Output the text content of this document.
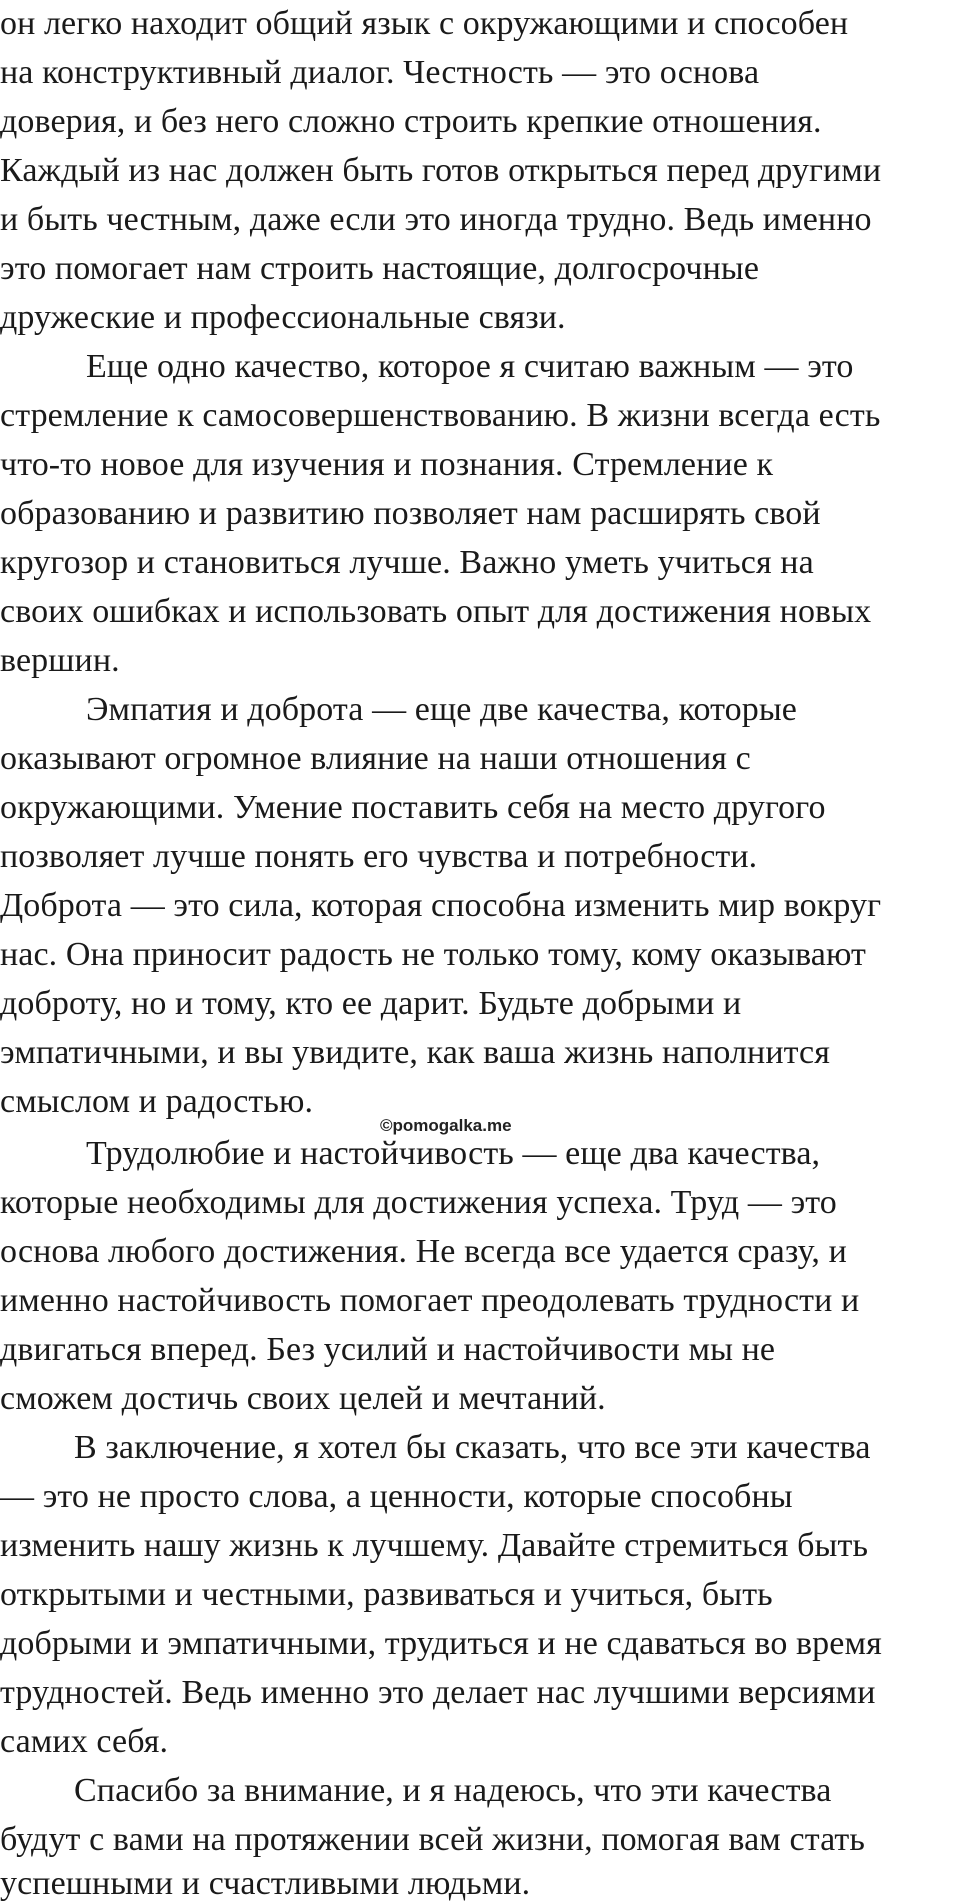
он легко находит общий язык с окружающими и способен
на конструктивный диалог. Честность — это основа
доверия, и без него сложно строить крепкие отношения.
Каждый из нас должен быть готов открыться перед другими
и быть честным, даже если это иногда трудно. Ведь именно
это помогает нам строить настоящие, долгосрочные
дружеские и профессиональные связи.
Еще одно качество, которое я считаю важным — это
стремление к самосовершенствованию. В жизни всегда есть
что-то новое для изучения и познания. Стремление к
образованию и развитию позволяет нам расширять свой
кругозор и становиться лучше. Важно уметь учиться на
своих ошибках и использовать опыт для достижения новых
вершин.
Эмпатия и доброта — еще две качества, которые
оказывают огромное влияние на наши отношения с
окружающими. Умение поставить себя на место другого
позволяет лучше понять его чувства и потребности.
Доброта — это сила, которая способна изменить мир вокруг
нас. Она приносит радость не только тому, кому оказывают
доброту, но и тому, кто ее дарит. Будьте добрыми и
эмпатичными, и вы увидите, как ваша жизнь наполнится
смыслом и радостью.
©pomogalka.me
Трудолюбие и настойчивость — еще два качества,
которые необходимы для достижения успеха. Труд — это
основа любого достижения. Не всегда все удается сразу, и
именно настойчивость помогает преодолевать трудности и
двигаться вперед. Без усилий и настойчивости мы не
сможем достичь своих целей и мечтаний.
В заключение, я хотел бы сказать, что все эти качества
— это не просто слова, а ценности, которые способны
изменить нашу жизнь к лучшему. Давайте стремиться быть
открытыми и честными, развиваться и учиться, быть
добрыми и эмпатичными, трудиться и не сдаваться во время
трудностей. Ведь именно это делает нас лучшими версиями
самих себя.
Спасибо за внимание, и я надеюсь, что эти качества
будут с вами на протяжении всей жизни, помогая вам стать
успешными и счастливыми людьми.
